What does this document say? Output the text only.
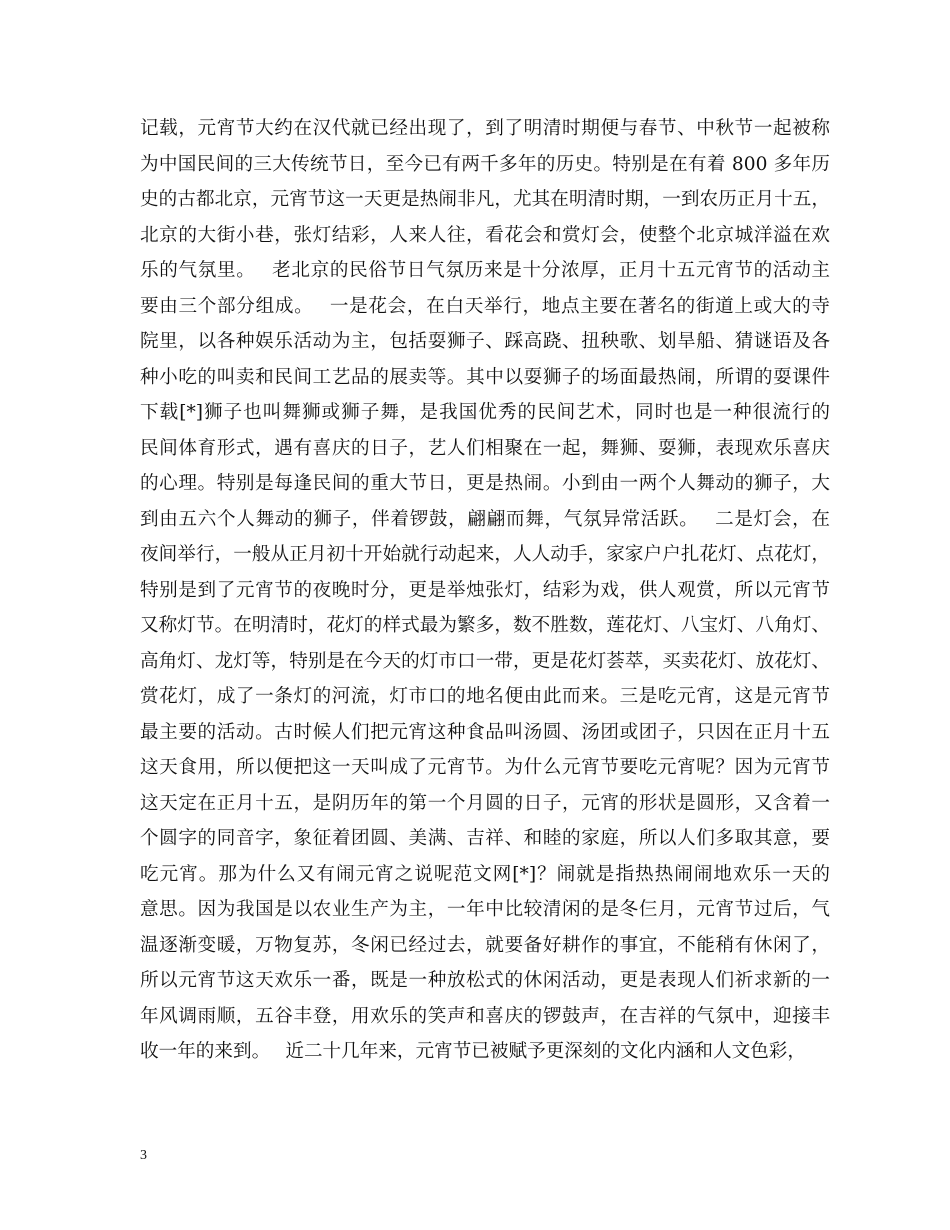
记载，元宵节大约在汉代就已经出现了，到了明清时期便与春节、中秋节一起被称
为中国民间的三大传统节日，至今已有两千多年的历史。特别是在有着 800 多年历
史的古都北京，元宵节这一天更是热闹非凡，尤其在明清时期，一到农历正月十五，
北京的大街小巷，张灯结彩，人来人往，看花会和赏灯会，使整个北京城洋溢在欢
乐的气氛里。　 老北京的民俗节日气氛历来是十分浓厚，正月十五元宵节的活动主
要由三个部分组成。　 一是花会，在白天举行，地点主要在著名的街道上或大的寺
院里，以各种娱乐活动为主，包括耍狮子、踩高跷、扭秧歌、划旱船、猜谜语及各
种小吃的叫卖和民间工艺品的展卖等。其中以耍狮子的场面最热闹，所谓的耍课件
下载[*]狮子也叫舞狮或狮子舞，是我国优秀的民间艺术，同时也是一种很流行的
民间体育形式，遇有喜庆的日子，艺人们相聚在一起，舞狮、耍狮，表现欢乐喜庆
的心理。特别是每逢民间的重大节日，更是热闹。小到由一两个人舞动的狮子，大
到由五六个人舞动的狮子，伴着锣鼓，翩翩而舞，气氛异常活跃。　 二是灯会，在
夜间举行，一般从正月初十开始就行动起来，人人动手，家家户户扎花灯、点花灯，
特别是到了元宵节的夜晚时分，更是举烛张灯，结彩为戏，供人观赏，所以元宵节
又称灯节。在明清时，花灯的样式最为繁多，数不胜数，莲花灯、八宝灯、八角灯、
高角灯、龙灯等，特别是在今天的灯市口一带，更是花灯荟萃，买卖花灯、放花灯、
赏花灯，成了一条灯的河流，灯市口的地名便由此而来。三是吃元宵，这是元宵节
最主要的活动。古时候人们把元宵这种食品叫汤圆、汤团或团子，只因在正月十五
这天食用，所以便把这一天叫成了元宵节。为什么元宵节要吃元宵呢？因为元宵节
这天定在正月十五，是阴历年的第一个月圆的日子，元宵的形状是圆形，又含着一
个圆字的同音字，象征着团圆、美满、吉祥、和睦的家庭，所以人们多取其意，要
吃元宵。那为什么又有闹元宵之说呢范文网[*]？闹就是指热热闹闹地欢乐一天的
意思。因为我国是以农业生产为主，一年中比较清闲的是冬仨月，元宵节过后，气
温逐渐变暖，万物复苏，冬闲已经过去，就要备好耕作的事宜，不能稍有休闲了，
所以元宵节这天欢乐一番，既是一种放松式的休闲活动，更是表现人们祈求新的一
年风调雨顺，五谷丰登，用欢乐的笑声和喜庆的锣鼓声，在吉祥的气氛中，迎接丰
收一年的来到。　 近二十几年来，元宵节已被赋予更深刻的文化内涵和人文色彩，
3
